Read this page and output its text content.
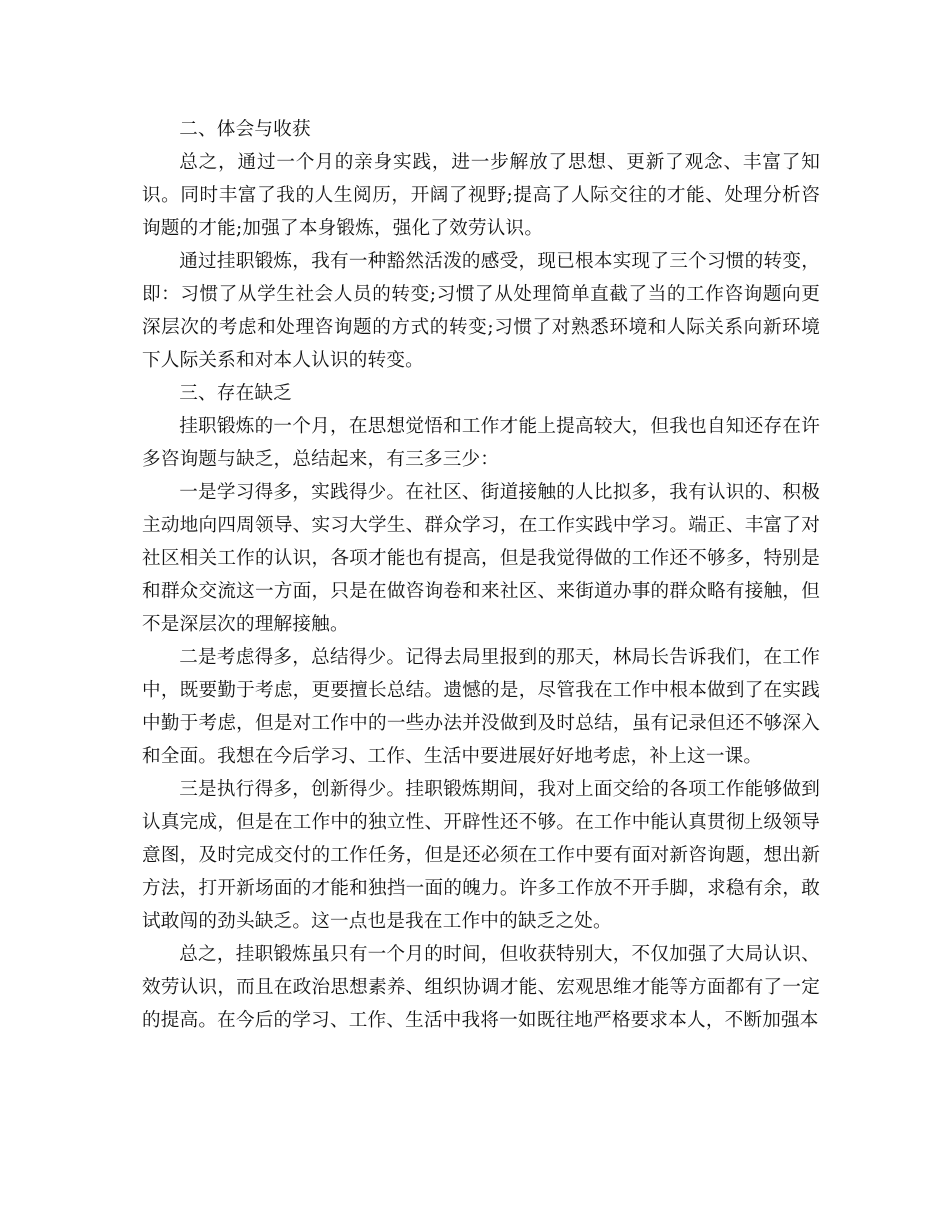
二、体会与收获

总之，通过一个月的亲身实践，进一步解放了思想、更新了观念、丰富了知识。同时丰富了我的人生阅历，开阔了视野;提高了人际交往的才能、处理分析咨询题的才能;加强了本身锻炼，强化了效劳认识。

通过挂职锻炼，我有一种豁然活泼的感受，现已根本实现了三个习惯的转变，即：习惯了从学生社会人员的转变;习惯了从处理简单直截了当的工作咨询题向更深层次的考虑和处理咨询题的方式的转变;习惯了对熟悉环境和人际关系向新环境下人际关系和对本人认识的转变。

三、存在缺乏

挂职锻炼的一个月，在思想觉悟和工作才能上提高较大，但我也自知还存在许多咨询题与缺乏，总结起来，有三多三少：

一是学习得多，实践得少。在社区、街道接触的人比拟多，我有认识的、积极主动地向四周领导、实习大学生、群众学习，在工作实践中学习。端正、丰富了对社区相关工作的认识，各项才能也有提高，但是我觉得做的工作还不够多，特别是和群众交流这一方面，只是在做咨询卷和来社区、来街道办事的群众略有接触，但不是深层次的理解接触。

二是考虑得多，总结得少。记得去局里报到的那天，林局长告诉我们，在工作中，既要勤于考虑，更要擅长总结。遗憾的是，尽管我在工作中根本做到了在实践中勤于考虑，但是对工作中的一些办法并没做到及时总结，虽有记录但还不够深入和全面。我想在今后学习、工作、生活中要进展好好地考虑，补上这一课。

三是执行得多，创新得少。挂职锻炼期间，我对上面交给的各项工作能够做到认真完成，但是在工作中的独立性、开辟性还不够。在工作中能认真贯彻上级领导意图，及时完成交付的工作任务，但是还必须在工作中要有面对新咨询题，想出新方法，打开新场面的才能和独挡一面的魄力。许多工作放不开手脚，求稳有余，敢试敢闯的劲头缺乏。这一点也是我在工作中的缺乏之处。

总之，挂职锻炼虽只有一个月的时间，但收获特别大，不仅加强了大局认识、效劳认识，而且在政治思想素养、组织协调才能、宏观思维才能等方面都有了一定的提高。在今后的学习、工作、生活中我将一如既往地严格要求本人，不断加强本
